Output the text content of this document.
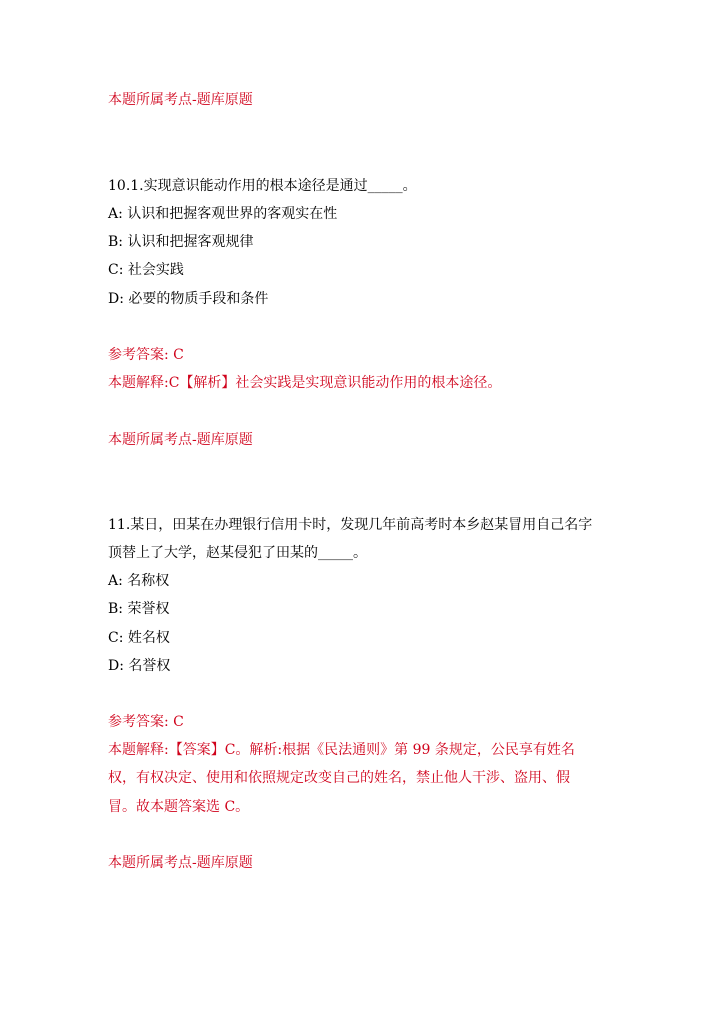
本题所属考点-题库原题
10.1.实现意识能动作用的根本途径是通过_____。
A: 认识和把握客观世界的客观实在性
B: 认识和把握客观规律
C: 社会实践
D: 必要的物质手段和条件
参考答案: C
本题解释:C【解析】社会实践是实现意识能动作用的根本途径。
本题所属考点-题库原题
11.某日，田某在办理银行信用卡时，发现几年前高考时本乡赵某冒用自己名字
顶替上了大学，赵某侵犯了田某的_____。
A: 名称权
B: 荣誉权
C: 姓名权
D: 名誉权
参考答案: C
本题解释:【答案】C。解析:根据《民法通则》第 99 条规定，公民享有姓名
权，有权决定、使用和依照规定改变自己的姓名，禁止他人干涉、盗用、假
冒。故本题答案选 C。
本题所属考点-题库原题
